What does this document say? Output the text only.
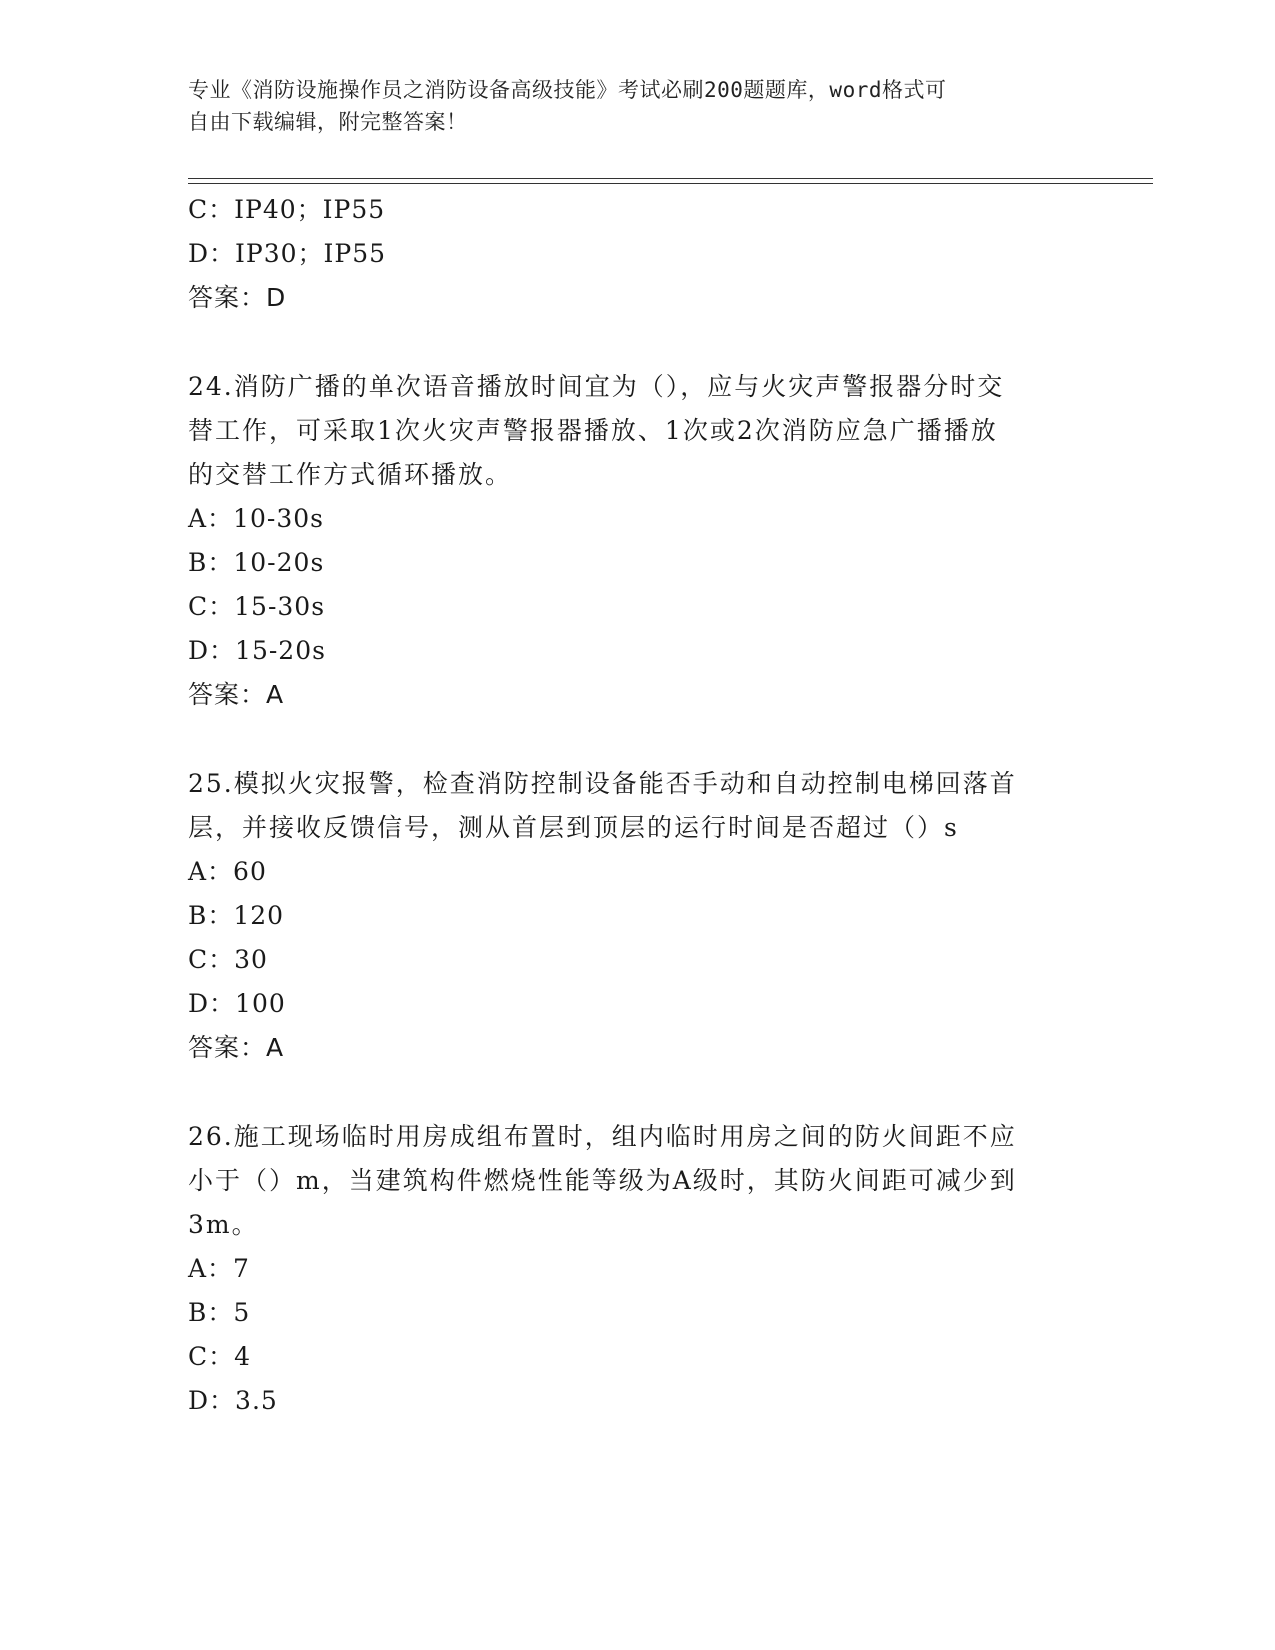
专业《消防设施操作员之消防设备高级技能》考试必刷200题题库，word格式可
自由下载编辑，附完整答案！
C：IP40；IP55
D：IP30；IP55
答案：D
24.消防广播的单次语音播放时间宜为（），应与火灾声警报器分时交
替工作，可采取1次火灾声警报器播放、1次或2次消防应急广播播放
的交替工作方式循环播放。
A：10-30s
B：10-20s
C：15-30s
D：15-20s
答案：A
25.模拟火灾报警，检查消防控制设备能否手动和自动控制电梯回落首
层，并接收反馈信号，测从首层到顶层的运行时间是否超过（）s
A：60
B：120
C：30
D：100
答案：A
26.施工现场临时用房成组布置时，组内临时用房之间的防火间距不应
小于（）m，当建筑构件燃烧性能等级为A级时，其防火间距可减少到
3m。
A：7
B：5
C：4
D：3.5
